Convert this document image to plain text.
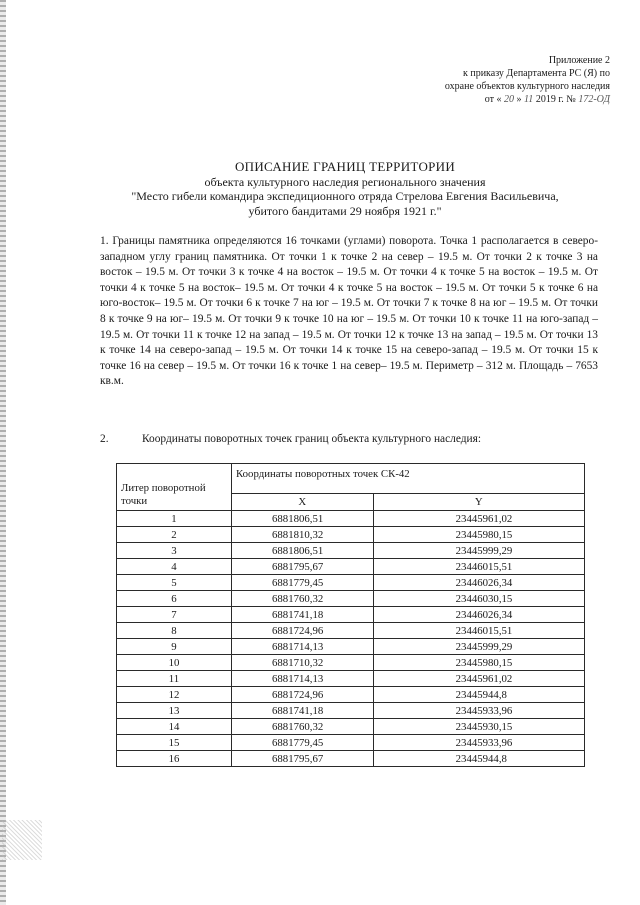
Приложение 2
к приказу Департамента РС (Я) по
охране объектов культурного наследия
от « 20 » 11 2019 г. № 172-ОД
ОПИСАНИЕ ГРАНИЦ ТЕРРИТОРИИ
объекта культурного наследия регионального значения
"Место гибели командира экспедиционного отряда Стрелова Евгения Васильевича,
убитого бандитами 29 ноября 1921 г."
1. Границы памятника определяются 16 точками (углами) поворота. Точка 1 располагается в северо-западном углу границ памятника. От точки 1 к точке 2 на север – 19.5 м. От точки 2 к точке 3 на восток – 19.5 м. От точки 3 к точке 4 на восток – 19.5 м. От точки 4 к точке 5 на восток – 19.5 м. От точки 4 к точке 5 на восток– 19.5 м. От точки 4 к точке 5 на восток – 19.5 м. От точки 5 к точке 6 на юго-восток– 19.5 м. От точки 6 к точке 7 на юг – 19.5 м. От точки 7 к точке 8 на юг – 19.5 м. От точки 8 к точке 9 на юг– 19.5 м. От точки 9 к точке 10 на юг – 19.5 м. От точки 10 к точке 11 на юго-запад – 19.5 м. От точки 11 к точке 12 на запад – 19.5 м. От точки 12 к точке 13 на запад – 19.5 м. От точки 13 к точке 14 на северо-запад – 19.5 м. От точки 14 к точке 15 на северо-запад – 19.5 м. От точки 15 к точке 16 на север – 19.5 м. От точки 16 к точке 1 на север– 19.5 м. Периметр – 312 м. Площадь – 7653 кв.м.
2.	Координаты поворотных точек границ объекта культурного наследия:
Литер поворотной точки	Координаты поворотных точек СК-42	
	X	Y
1	6881806,51	23445961,02
2	6881810,32	23445980,15
3	6881806,51	23445999,29
4	6881795,67	23446015,51
5	6881779,45	23446026,34
6	6881760,32	23446030,15
7	6881741,18	23446026,34
8	6881724,96	23446015,51
9	6881714,13	23445999,29
10	6881710,32	23445980,15
11	6881714,13	23445961,02
12	6881724,96	23445944,8
13	6881741,18	23445933,96
14	6881760,32	23445930,15
15	6881779,45	23445933,96
16	6881795,67	23445944,8
